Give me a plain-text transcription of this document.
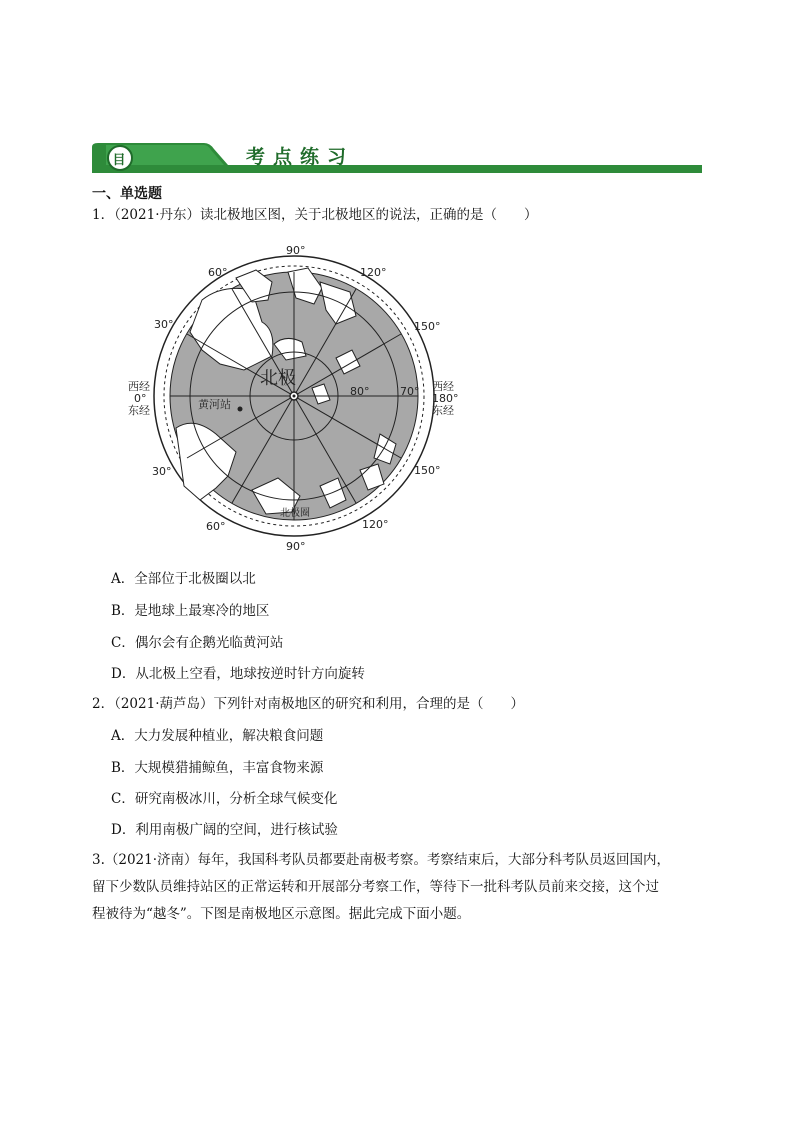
目	考点练习
一、单选题
1．（2021·丹东）读北极地区图，关于北极地区的说法，正确的是（　　）
90°
90°
60°	120°
30°	150°
30°	150°
60°	120°
西经
0°
东经
西经
180°
东经
北极
80°	70°
黄河站
北极圈
A．全部位于北极圈以北
B．是地球上最寒冷的地区
C．偶尔会有企鹅光临黄河站
D．从北极上空看，地球按逆时针方向旋转
2．（2021·葫芦岛）下列针对南极地区的研究和利用，合理的是（　　）
A．大力发展种植业，解决粮食问题
B．大规模猎捕鲸鱼，丰富食物来源
C．研究南极冰川，分析全球气候变化
D．利用南极广阔的空间，进行核试验
3.（2021·济南）每年，我国科考队员都要赴南极考察。考察结束后，大部分科考队员返回国内，
留下少数队员维持站区的正常运转和开展部分考察工作，等待下一批科考队员前来交接，这个过
程被待为“越冬”。下图是南极地区示意图。据此完成下面小题。
